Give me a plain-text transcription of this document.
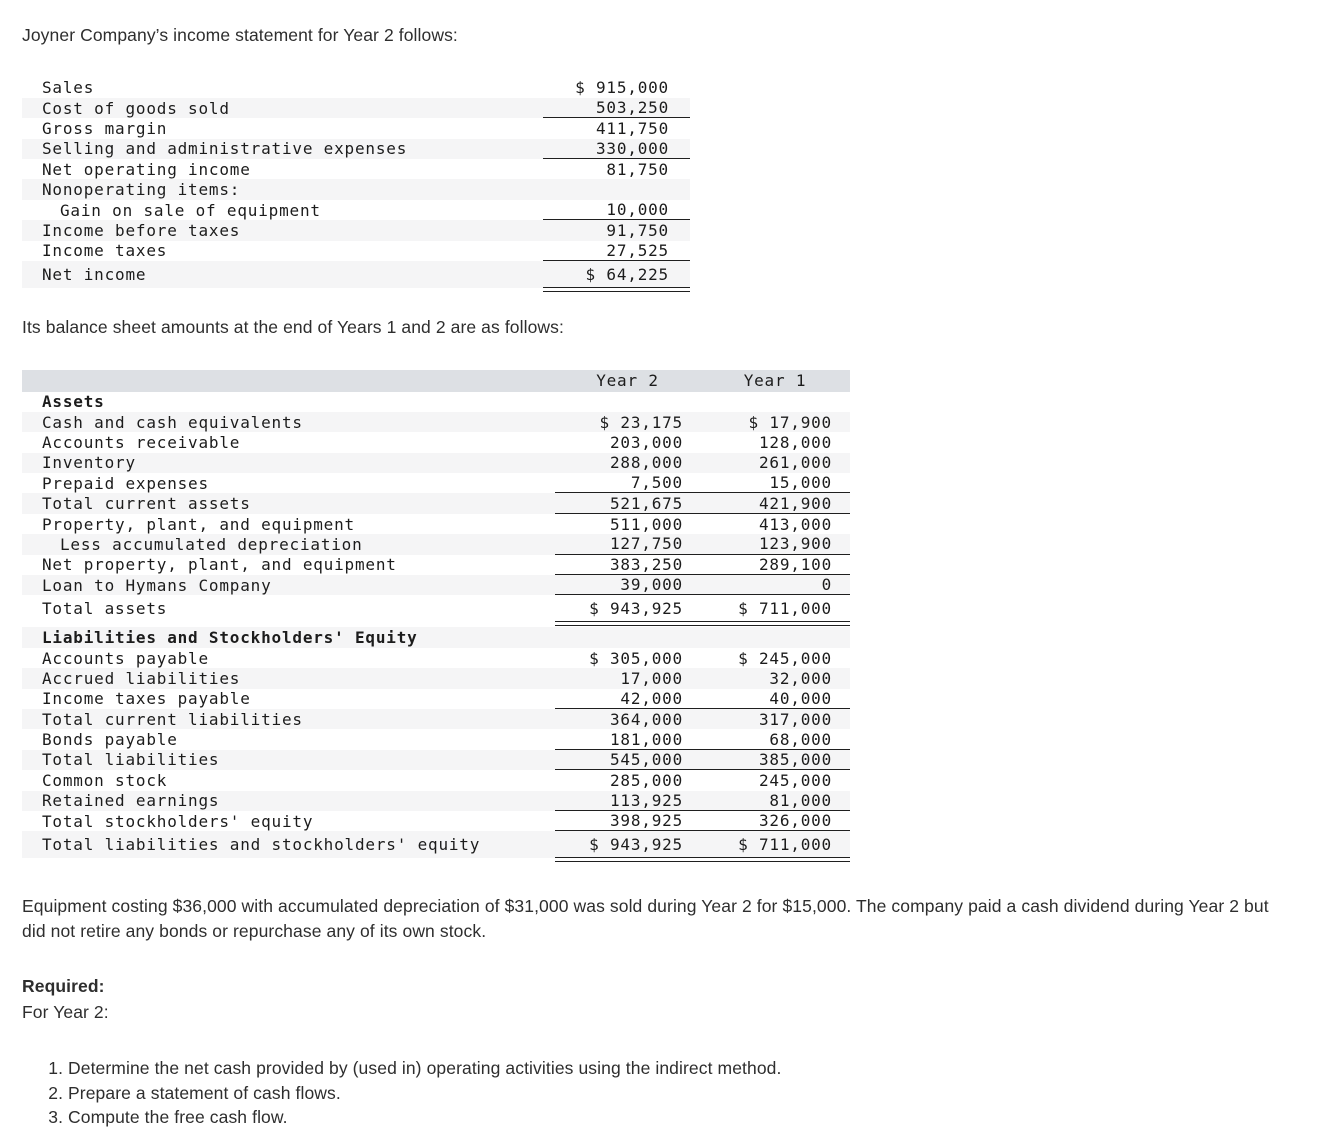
Joyner Company’s income statement for Year 2 follows:

Sales	$ 915,000
Cost of goods sold	503,250
Gross margin	411,750
Selling and administrative expenses	330,000
Net operating income	81,750
Nonoperating items:
Gain on sale of equipment	10,000
Income before taxes	91,750
Income taxes	27,525
Net income	$ 64,225

Its balance sheet amounts at the end of Years 1 and 2 are as follows:

Year 2	Year 1
Assets
Cash and cash equivalents	$ 23,175	$ 17,900
Accounts receivable	203,000	128,000
Inventory	288,000	261,000
Prepaid expenses	7,500	15,000
Total current assets	521,675	421,900
Property, plant, and equipment	511,000	413,000
Less accumulated depreciation	127,750	123,900
Net property, plant, and equipment	383,250	289,100
Loan to Hymans Company	39,000	0
Total assets	$ 943,925	$ 711,000
Liabilities and Stockholders' Equity
Accounts payable	$ 305,000	$ 245,000
Accrued liabilities	17,000	32,000
Income taxes payable	42,000	40,000
Total current liabilities	364,000	317,000
Bonds payable	181,000	68,000
Total liabilities	545,000	385,000
Common stock	285,000	245,000
Retained earnings	113,925	81,000
Total stockholders' equity	398,925	326,000
Total liabilities and stockholders' equity	$ 943,925	$ 711,000

Equipment costing $36,000 with accumulated depreciation of $31,000 was sold during Year 2 for $15,000. The company paid a cash dividend during Year 2 but did not retire any bonds or repurchase any of its own stock.

Required:

For Year 2:

1. Determine the net cash provided by (used in) operating activities using the indirect method.
2. Prepare a statement of cash flows.
3. Compute the free cash flow.
